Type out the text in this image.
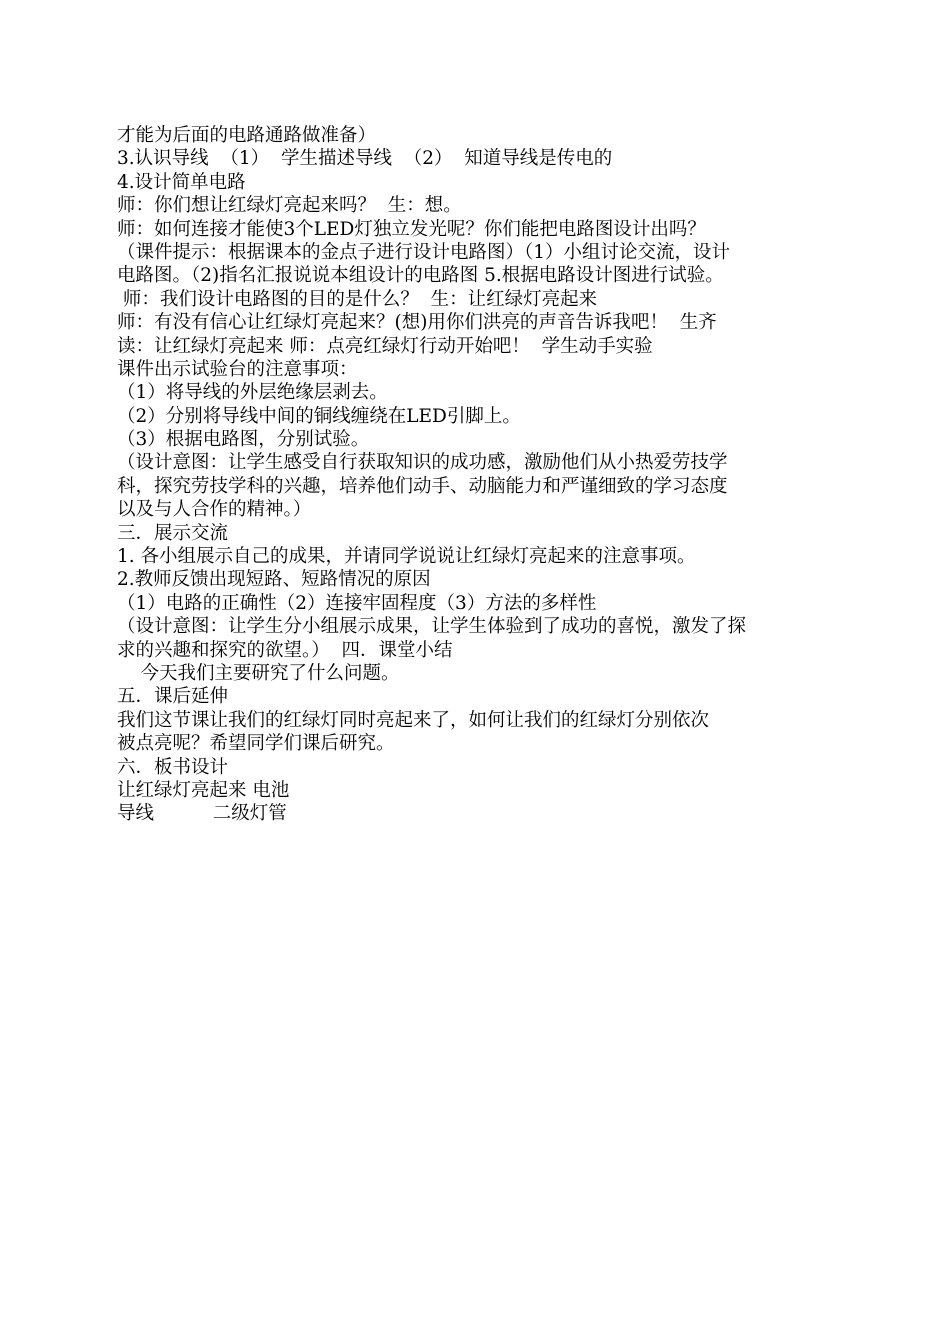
才能为后面的电路通路做准备）
3.认识导线  （1）  学生描述导线  （2）  知道导线是传电的
4.设计简单电路
师：你们想让红绿灯亮起来吗？  生：想。
师：如何连接才能使3个LED灯独立发光呢？你们能把电路图设计出吗？
（课件提示：根据课本的金点子进行设计电路图）（1）小组讨论交流，设计
电路图。（2)指名汇报说说本组设计的电路图 5.根据电路设计图进行试验。
师：我们设计电路图的目的是什么？  生：让红绿灯亮起来
师：有没有信心让红绿灯亮起来？(想)用你们洪亮的声音告诉我吧！  生齐
读：让红绿灯亮起来 师：点亮红绿灯行动开始吧！  学生动手实验
课件出示试验台的注意事项：
（1）将导线的外层绝缘层剥去。
（2）分别将导线中间的铜线缠绕在LED引脚上。
（3）根据电路图，分别试验。
（设计意图：让学生感受自行获取知识的成功感，激励他们从小热爱劳技学
科，探究劳技学科的兴趣，培养他们动手、动脑能力和严谨细致的学习态度
以及与人合作的精神。）
三．展示交流
1. 各小组展示自己的成果，并请同学说说让红绿灯亮起来的注意事项。
2.教师反馈出现短路、短路情况的原因
（1）电路的正确性（2）连接牢固程度（3）方法的多样性
（设计意图：让学生分小组展示成果，让学生体验到了成功的喜悦，激发了探
求的兴趣和探究的欲望。）  四．课堂小结
今天我们主要研究了什么问题。
五．课后延伸
我们这节课让我们的红绿灯同时亮起来了，如何让我们的红绿灯分别依次
被点亮呢？希望同学们课后研究。
六．板书设计
让红绿灯亮起来 电池
导线          二级灯管
